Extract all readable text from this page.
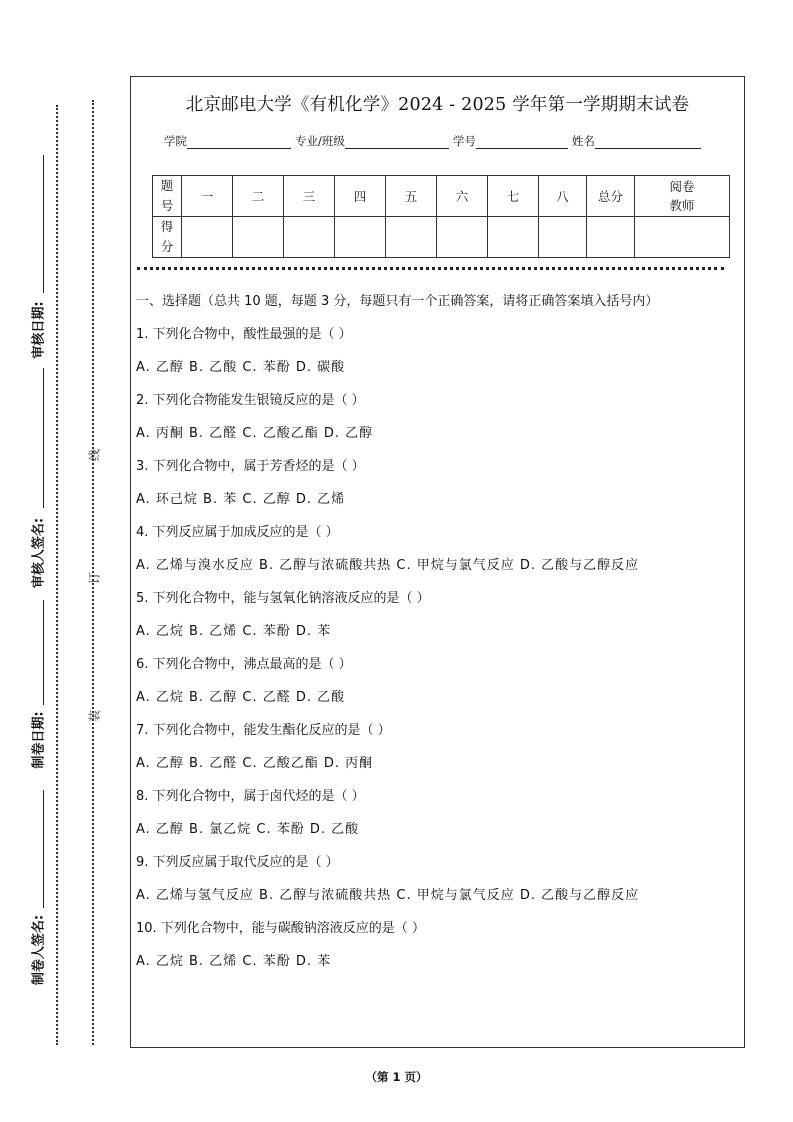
审核日期:
审核人签名:
制卷日期:
制卷人签名:
线
订
装
北京邮电大学《有机化学》2024 - 2025 学年第一学期期末试卷
学院	专业/班级	学号	姓名
题号	一	二	三	四	五	六	七	八	总分	阅卷教师

得分										

一、选择题（总共 10 题，每题 3 分，每题只有一个正确答案，请将正确答案填入括号内）

1. 下列化合物中，酸性最强的是（ ）

A. 乙醇 B. 乙酸 C. 苯酚 D. 碳酸

2. 下列化合物能发生银镜反应的是（ ）

A. 丙酮 B. 乙醛 C. 乙酸乙酯 D. 乙醇

3. 下列化合物中，属于芳香烃的是（ ）

A. 环己烷 B. 苯 C. 乙醇 D. 乙烯

4. 下列反应属于加成反应的是（ ）

A. 乙烯与溴水反应 B. 乙醇与浓硫酸共热 C. 甲烷与氯气反应 D. 乙酸与乙醇反应

5. 下列化合物中，能与氢氧化钠溶液反应的是（ ）

A. 乙烷 B. 乙烯 C. 苯酚 D. 苯

6. 下列化合物中，沸点最高的是（ ）

A. 乙烷 B. 乙醇 C. 乙醛 D. 乙酸

7. 下列化合物中，能发生酯化反应的是（ ）

A. 乙醇 B. 乙醛 C. 乙酸乙酯 D. 丙酮

8. 下列化合物中，属于卤代烃的是（ ）

A. 乙醇 B. 氯乙烷 C. 苯酚 D. 乙酸

9. 下列反应属于取代反应的是（ ）

A. 乙烯与氢气反应 B. 乙醇与浓硫酸共热 C. 甲烷与氯气反应 D. 乙酸与乙醇反应

10. 下列化合物中，能与碳酸钠溶液反应的是（ ）

A. 乙烷 B. 乙烯 C. 苯酚 D. 苯

（第 1 页）
